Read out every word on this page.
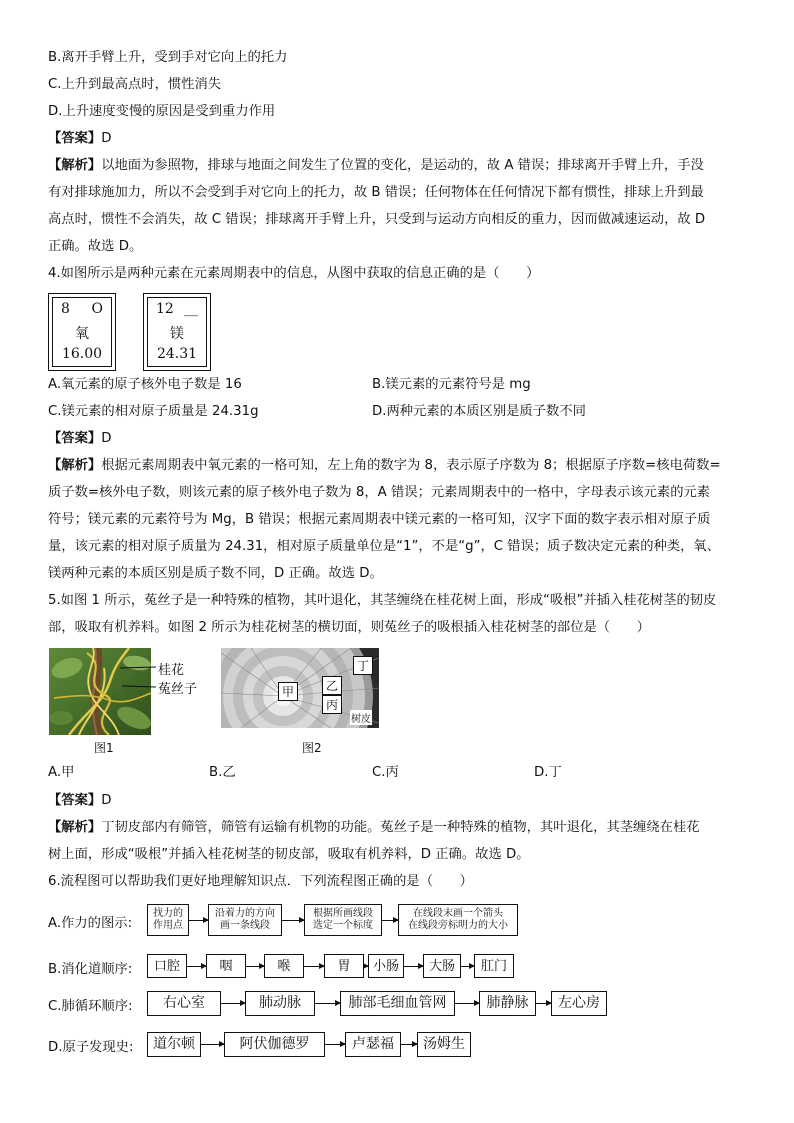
B.离开手臂上升，受到手对它向上的托力
C.上升到最高点时，惯性消失
D.上升速度变慢的原因是受到重力作用
【答案】D
【解析】以地面为参照物，排球与地面之间发生了位置的变化，是运动的，故 A 错误；排球离开手臂上升，手没
有对排球施加力，所以不会受到手对它向上的托力，故 B 错误；任何物体在任何情况下都有惯性，排球上升到最
高点时，惯性不会消失，故 C 错误；排球离开手臂上升，只受到与运动方向相反的重力，因而做减速运动，故 D
正确。故选 D。
4.如图所示是两种元素在元素周期表中的信息，从图中获取的信息正确的是（　　）
8 O
氧
16.00
12 __
镁
24.31
A.氧元素的原子核外电子数是 16	B.镁元素的元素符号是 mg
C.镁元素的相对原子质量是 24.31g	D.两种元素的本质区别是质子数不同
【答案】D
【解析】根据元素周期表中氧元素的一格可知，左上角的数字为 8，表示原子序数为 8；根据原子序数=核电荷数=
质子数=核外电子数，则该元素的原子核外电子数为 8，A 错误；元素周期表中的一格中，字母表示该元素的元素
符号；镁元素的元素符号为 Mg，B 错误；根据元素周期表中镁元素的一格可知，汉字下面的数字表示相对原子质
量，该元素的相对原子质量为 24.31，相对原子质量单位是“1”，不是“g”，C 错误；质子数决定元素的种类，氧、
镁两种元素的本质区别是质子数不同，D 正确。故选 D。
5.如图 1 所示，菟丝子是一种特殊的植物，其叶退化，其茎缠绕在桂花树上面，形成“吸根”并插入桂花树茎的韧皮
部，吸取有机养料。如图 2 所示为桂花树茎的横切面，则菟丝子的吸根插入桂花树茎的部位是（　　）
桂花
菟丝子
图1
甲	乙
丙
丁
树皮
图2
A.甲	B.乙	C.丙	D.丁
【答案】D
【解析】丁韧皮部内有筛管，筛管有运输有机物的功能。菟丝子是一种特殊的植物，其叶退化，其茎缠绕在桂花
树上面，形成“吸根”并插入桂花树茎的韧皮部，吸取有机养料，D 正确。故选 D。
6.流程图可以帮助我们更好地理解知识点．下列流程图正确的是（　　）
A.作力的图示:
找力的
作用点
沿着力的方向
画一条线段
根据所画线段
选定一个标度
在线段末画一个箭头
在线段旁标明力的大小
B.消化道顺序:	口腔	咽	喉	胃	小肠	大肠	肛门
C.肺循环顺序:	右心室	肺动脉	肺部毛细血管网	肺静脉	左心房
D.原子发现史:	道尔顿	阿伏伽德罗	卢瑟福	汤姆生
